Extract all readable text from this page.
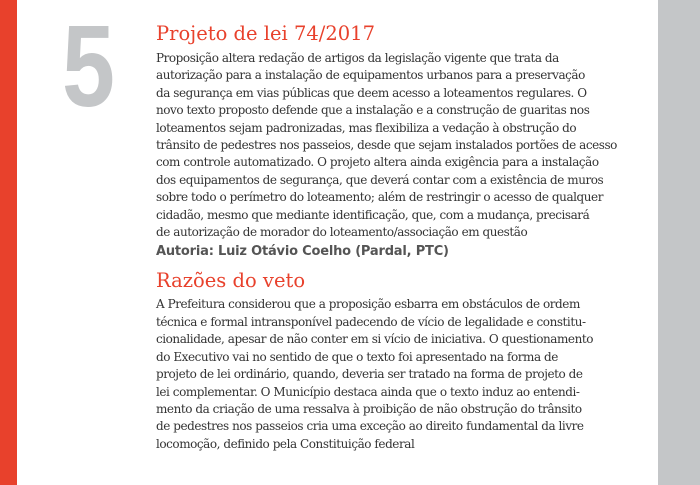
5	Projeto de lei 74/2017

Proposição altera redação de artigos da legislação vigente que trata da
autorização para a instalação de equipamentos urbanos para a preservação
da segurança em vias públicas que deem acesso a loteamentos regulares. O
novo texto proposto defende que a instalação e a construção de guaritas nos
loteamentos sejam padronizadas, mas flexibiliza a vedação à obstrução do
trânsito de pedestres nos passeios, desde que sejam instalados portões de acesso
com controle automatizado. O projeto altera ainda exigência para a instalação
dos equipamentos de segurança, que deverá contar com a existência de muros
sobre todo o perímetro do loteamento; além de restringir o acesso de qualquer
cidadão, mesmo que mediante identificação, que, com a mudança, precisará
de autorização de morador do loteamento/associação em questão

Autoria: Luiz Otávio Coelho (Pardal, PTC)
Razões do veto

A Prefeitura considerou que a proposição esbarra em obstáculos de ordem
técnica e formal intransponível padecendo de vício de legalidade e constitu-
cionalidade, apesar de não conter em si vício de iniciativa. O questionamento
do Executivo vai no sentido de que o texto foi apresentado na forma de
projeto de lei ordinário, quando, deveria ser tratado na forma de projeto de
lei complementar. O Município destaca ainda que o texto induz ao entendi-
mento da criação de uma ressalva à proibição de não obstrução do trânsito
de pedestres nos passeios cria uma exceção ao direito fundamental da livre
locomoção, definido pela Constituição federal
